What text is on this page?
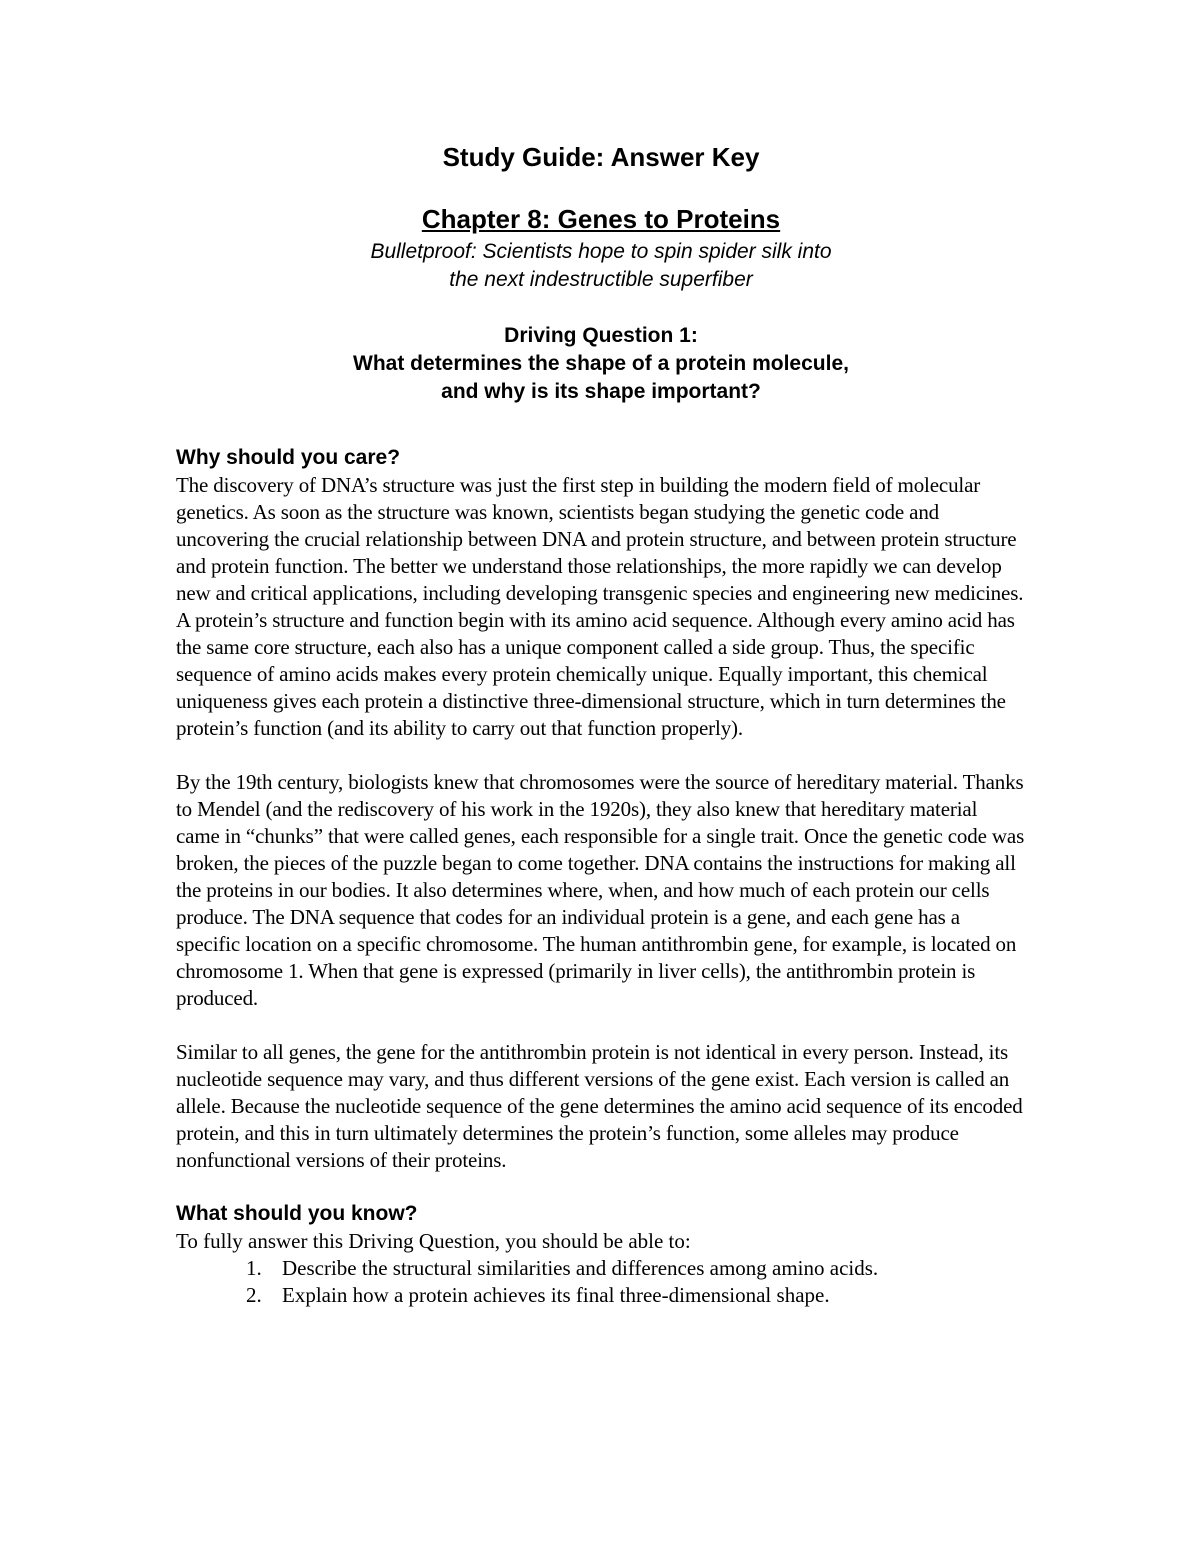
Study Guide: Answer Key
Chapter 8: Genes to Proteins
Bulletproof: Scientists hope to spin spider silk into
the next indestructible superfiber
Driving Question 1:
What determines the shape of a protein molecule,
and why is its shape important?
Why should you care?

The discovery of DNA’s structure was just the first step in building the modern field of molecular genetics. As soon as the structure was known, scientists began studying the genetic code and uncovering the crucial relationship between DNA and protein structure, and between protein structure and protein function. The better we understand those relationships, the more rapidly we can develop new and critical applications, including developing transgenic species and engineering new medicines. A protein’s structure and function begin with its amino acid sequence. Although every amino acid has the same core structure, each also has a unique component called a side group. Thus, the specific sequence of amino acids makes every protein chemically unique. Equally important, this chemical uniqueness gives each protein a distinctive three-dimensional structure, which in turn determines the protein’s function (and its ability to carry out that function properly).

By the 19th century, biologists knew that chromosomes were the source of hereditary material. Thanks to Mendel (and the rediscovery of his work in the 1920s), they also knew that hereditary material came in “chunks” that were called genes, each responsible for a single trait. Once the genetic code was broken, the pieces of the puzzle began to come together. DNA contains the instructions for making all the proteins in our bodies. It also determines where, when, and how much of each protein our cells produce. The DNA sequence that codes for an individual protein is a gene, and each gene has a specific location on a specific chromosome. The human antithrombin gene, for example, is located on chromosome 1. When that gene is expressed (primarily in liver cells), the antithrombin protein is produced.

Similar to all genes, the gene for the antithrombin protein is not identical in every person. Instead, its nucleotide sequence may vary, and thus different versions of the gene exist. Each version is called an allele. Because the nucleotide sequence of the gene determines the amino acid sequence of its encoded protein, and this in turn ultimately determines the protein’s function, some alleles may produce nonfunctional versions of their proteins.

What should you know?

To fully answer this Driving Question, you should be able to:

1. Describe the structural similarities and differences among amino acids.
2. Explain how a protein achieves its final three-dimensional shape.
